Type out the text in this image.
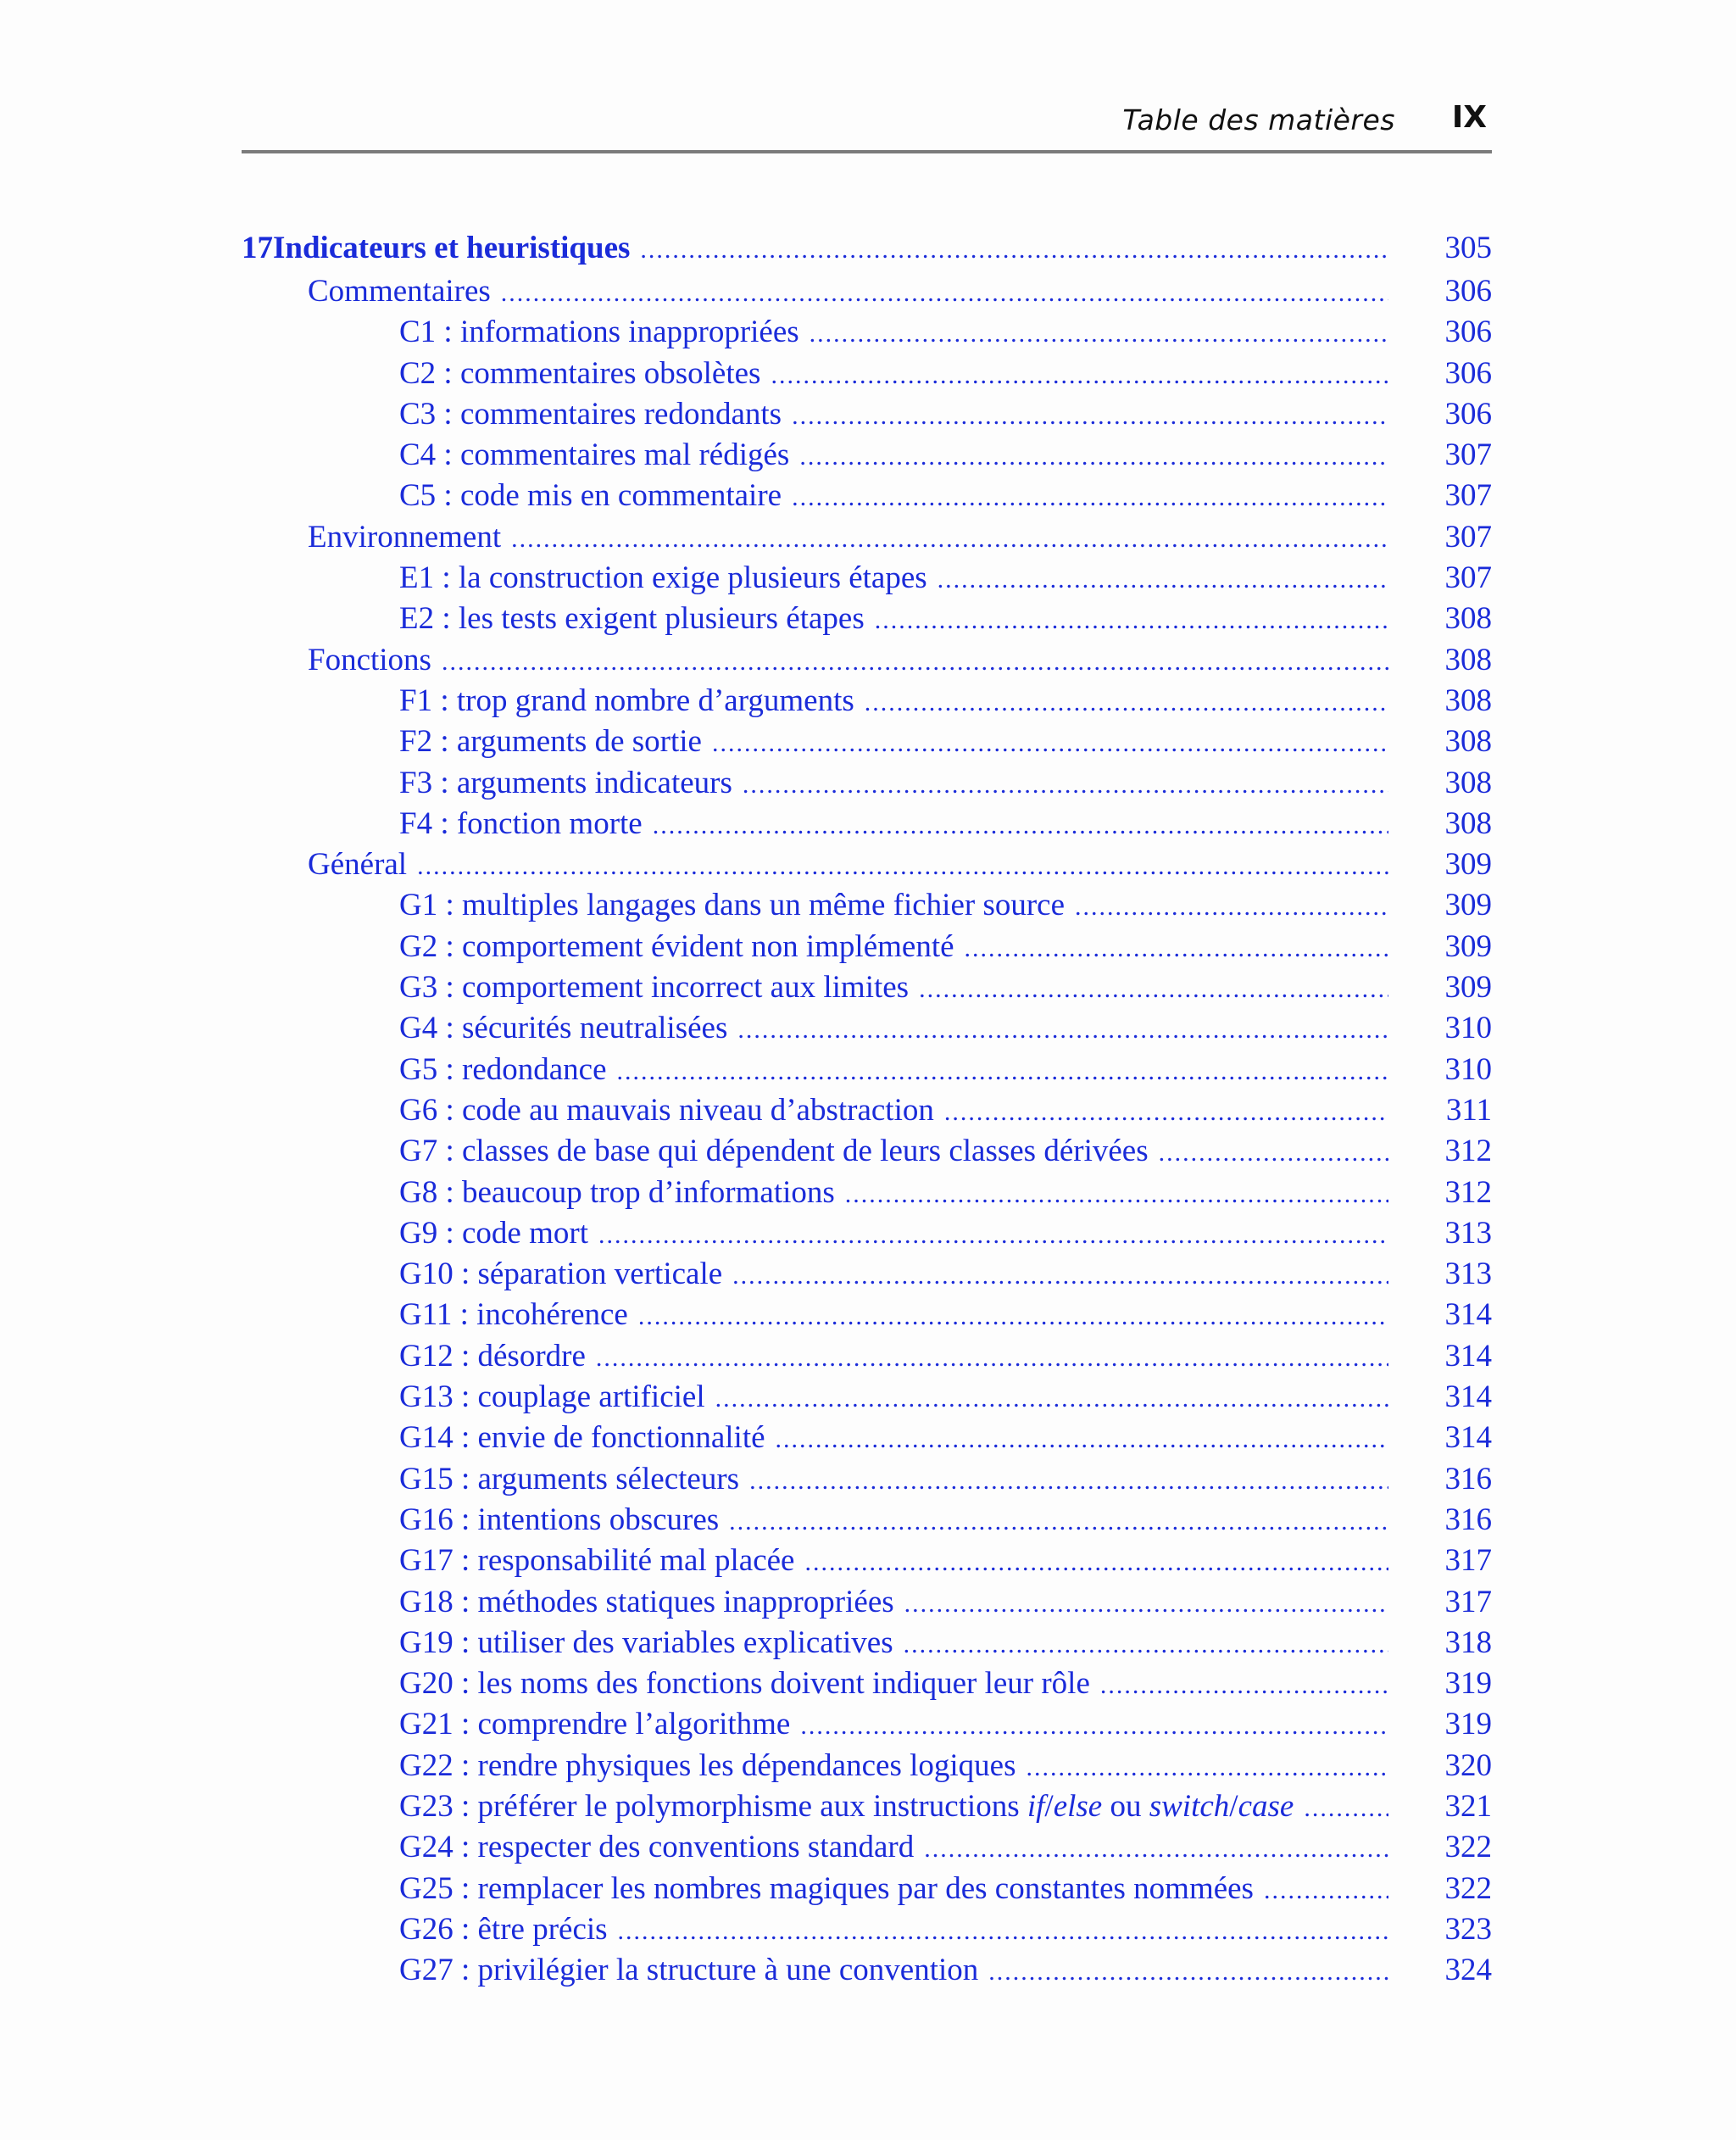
Table des matières IX
17 Indicateurs et heuristiques .....	305
Commentaires .....	306
C1 : informations inappropriées .....	306
C2 : commentaires obsolètes .....	306
C3 : commentaires redondants .....	306
C4 : commentaires mal rédigés .....	307
C5 : code mis en commentaire .....	307
Environnement .....	307
E1 : la construction exige plusieurs étapes .....	307
E2 : les tests exigent plusieurs étapes .....	308
Fonctions .....	308
F1 : trop grand nombre d’arguments .....	308
F2 : arguments de sortie .....	308
F3 : arguments indicateurs .....	308
F4 : fonction morte .....	308
Général .....	309
G1 : multiples langages dans un même fichier source .....	309
G2 : comportement évident non implémenté .....	309
G3 : comportement incorrect aux limites .....	309
G4 : sécurités neutralisées .....	310
G5 : redondance .....	310
G6 : code au mauvais niveau d’abstraction .....	311
G7 : classes de base qui dépendent de leurs classes dérivées .....	312
G8 : beaucoup trop d’informations .....	312
G9 : code mort .....	313
G10 : séparation verticale .....	313
G11 : incohérence .....	314
G12 : désordre .....	314
G13 : couplage artificiel .....	314
G14 : envie de fonctionnalité .....	314
G15 : arguments sélecteurs .....	316
G16 : intentions obscures .....	316
G17 : responsabilité mal placée .....	317
G18 : méthodes statiques inappropriées .....	317
G19 : utiliser des variables explicatives .....	318
G20 : les noms des fonctions doivent indiquer leur rôle .....	319
G21 : comprendre l’algorithme .....	319
G22 : rendre physiques les dépendances logiques .....	320
G23 : préférer le polymorphisme aux instructions if/else ou switch/case .....	321
G24 : respecter des conventions standard .....	322
G25 : remplacer les nombres magiques par des constantes nommées .....	322
G26 : être précis .....	323
G27 : privilégier la structure à une convention .....	324
